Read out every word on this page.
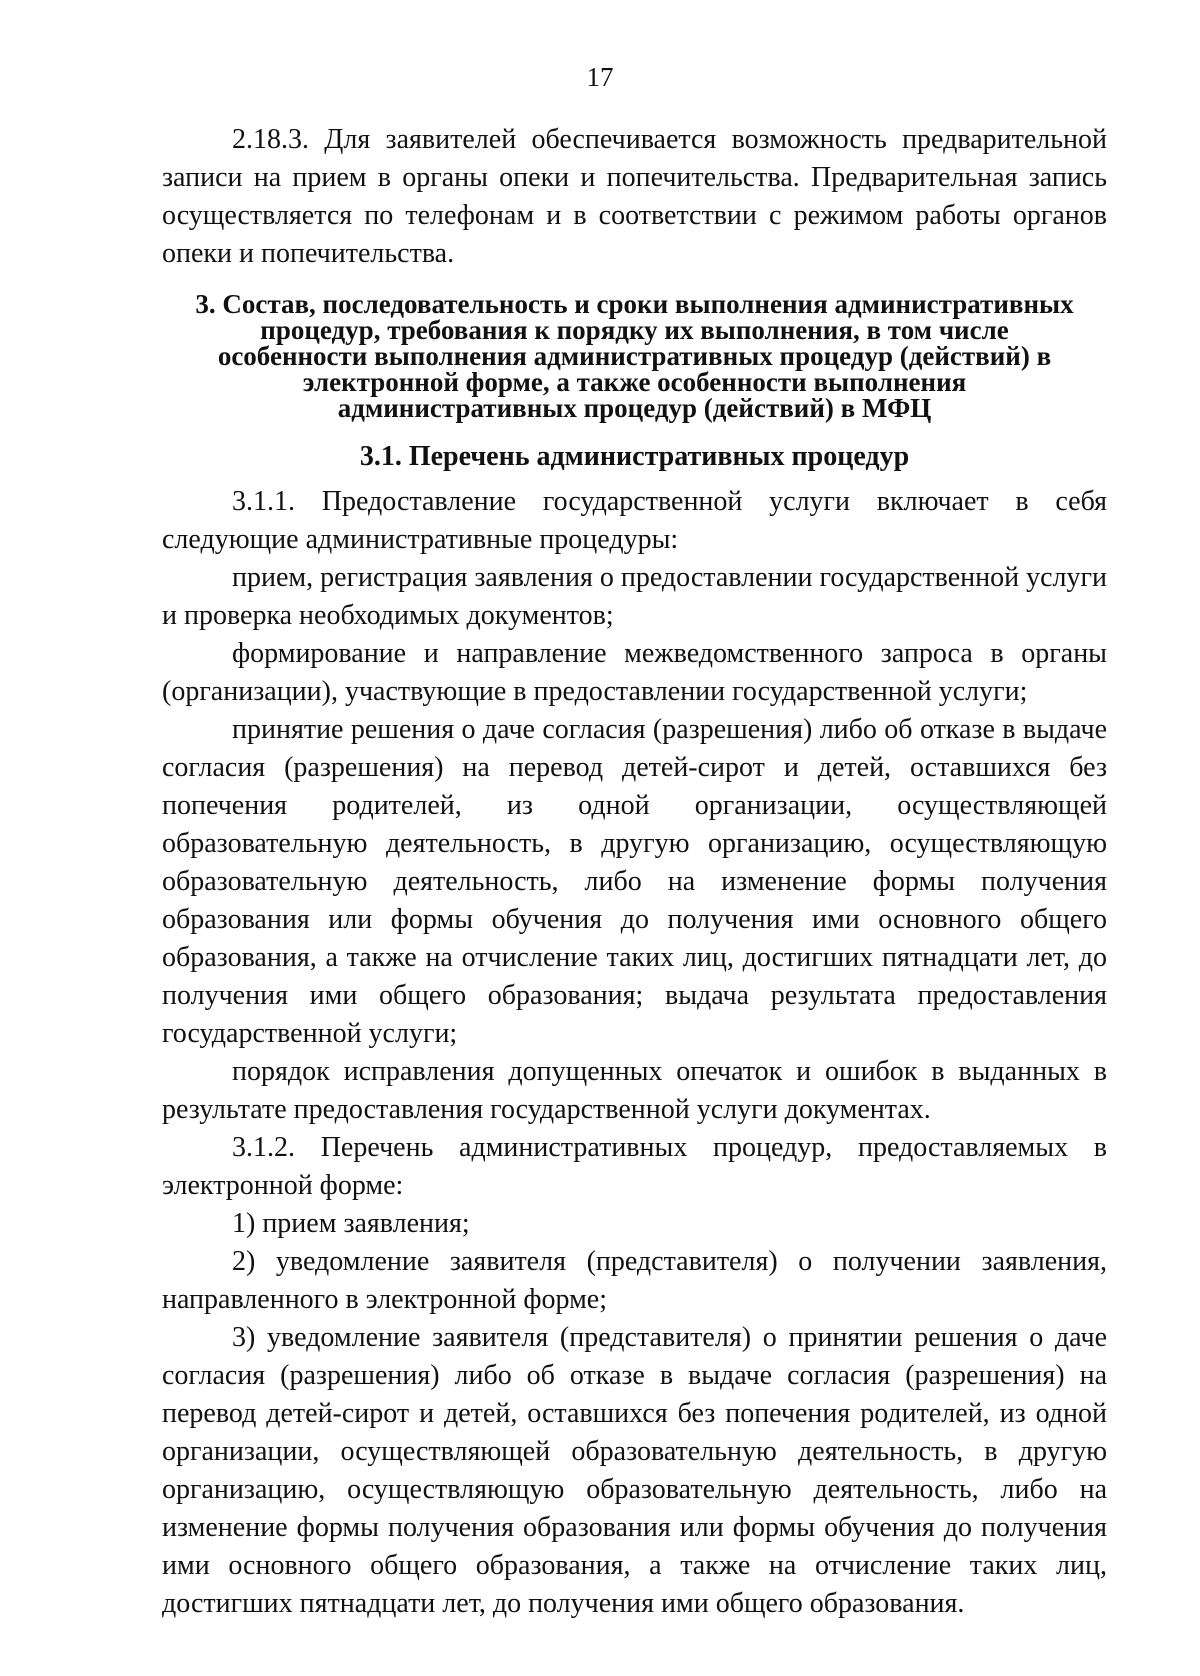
17

2.18.3. Для заявителей обеспечивается возможность предварительной записи на прием в органы опеки и попечительства. Предварительная запись осуществляется по телефонам и в соответствии с режимом работы органов опеки и попечительства.

3. Состав, последовательность и сроки выполнения административных процедур, требования к порядку их выполнения, в том числе особенности выполнения административных процедур (действий) в электронной форме, а также особенности выполнения административных процедур (действий) в МФЦ
3.1. Перечень административных процедур

3.1.1. Предоставление государственной услуги включает в себя следующие административные процедуры:

прием, регистрация заявления о предоставлении государственной услуги и проверка необходимых документов;

формирование и направление межведомственного запроса в органы (организации), участвующие в предоставлении государственной услуги;

принятие решения о даче согласия (разрешения) либо об отказе в выдаче согласия (разрешения) на перевод детей-сирот и детей, оставшихся без попечения родителей, из одной организации, осуществляющей образовательную деятельность, в другую организацию, осуществляющую образовательную деятельность, либо на изменение формы получения образования или формы обучения до получения ими основного общего образования, а также на отчисление таких лиц, достигших пятнадцати лет, до получения ими общего образования; выдача результата предоставления государственной услуги;

порядок исправления допущенных опечаток и ошибок в выданных в результате предоставления государственной услуги документах.

3.1.2. Перечень административных процедур, предоставляемых в электронной форме:

1) прием заявления;

2) уведомление заявителя (представителя) о получении заявления, направленного в электронной форме;

3) уведомление заявителя (представителя) о принятии решения о даче согласия (разрешения) либо об отказе в выдаче согласия (разрешения) на перевод детей-сирот и детей, оставшихся без попечения родителей, из одной организации, осуществляющей образовательную деятельность, в другую организацию, осуществляющую образовательную деятельность, либо на изменение формы получения образования или формы обучения до получения ими основного общего образования, а также на отчисление таких лиц, достигших пятнадцати лет, до получения ими общего образования.
